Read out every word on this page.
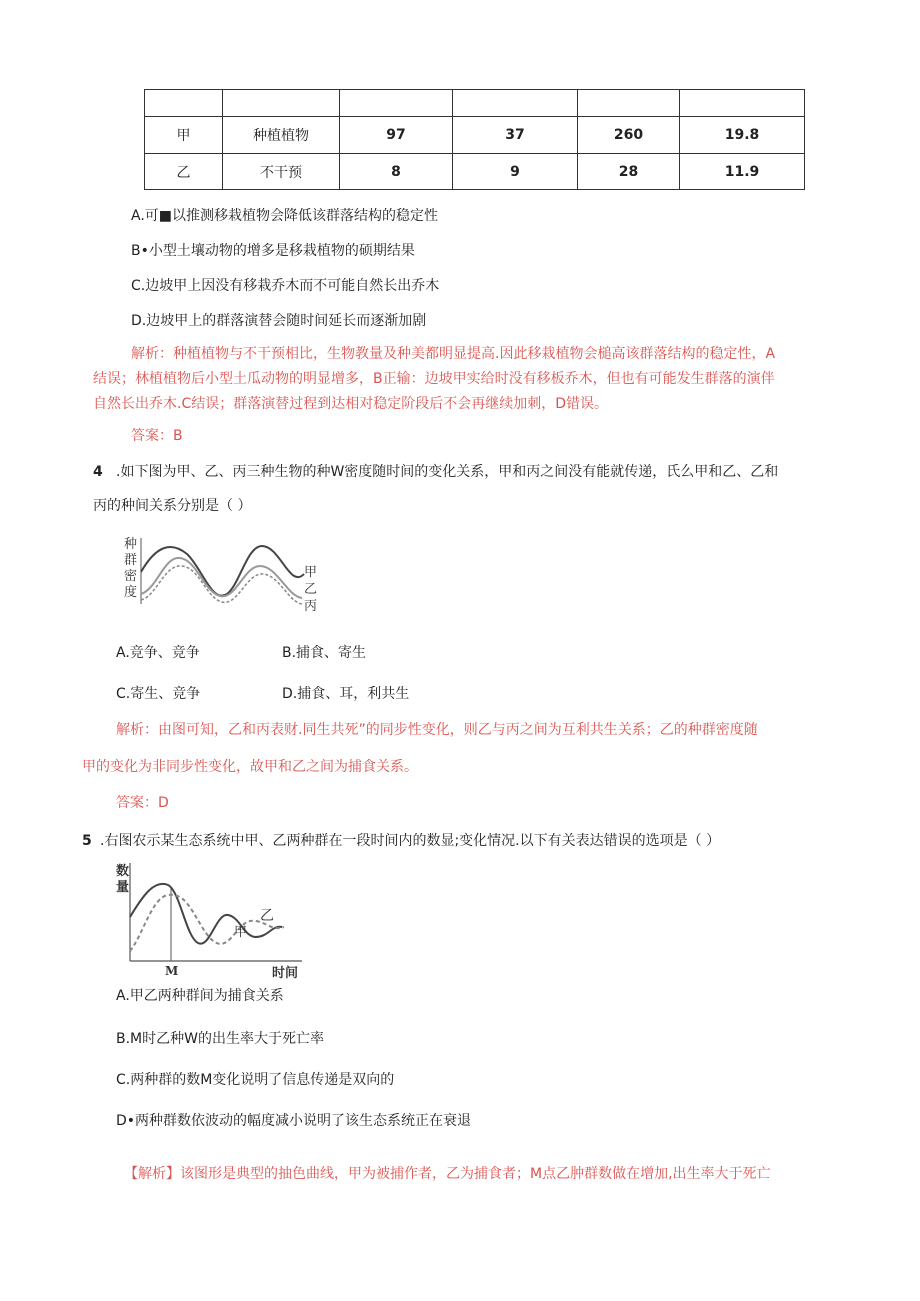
甲	种植植物	97	37	260	19.8
乙	不干预	8	9	28	11.9
A.可■以推测移栽植物会降低该群落结构的稳定性
B•小型土壤动物的增多是移栽植物的硕期结果
C.边坡甲上因没有移栽乔木而不可能自然长出乔木
D.边坡甲上的群落演替会随时间延长而逐渐加剧
解析：种植植物与不干预相比，生物教量及种美都明显提高.因此移栽植物会槌高该群落结构的稳定性，A
结误；林植植物后小型土瓜动物的明显增多，B正输：边坡甲实给时没有移板乔木，但也有可能发生群落的演伴
自然长出乔木.C结误；群落演替过程到达相对稳定阶段后不会再继续加刺，D错误。
答案：B
4 .如下图为甲、乙、丙三种生物的种W密度随时间的变化关系，甲和丙之间没有能就传递，氏么甲和乙、乙和
丙的种间关系分别是（ ）
种
群
密
度
甲
乙
丙
A.竞争、竞争	B.捕食、寄生
C.寄生、竞争	D.捕食、耳，利共生
解析：由图可知，乙和丙表财.同生共死”的同步性变化，则乙与丙之间为互利共生关系；乙的种群密度随
甲的变化为非同步性变化，故甲和乙之间为捕食关系。
答案：D
5 .右图农示某生态系统中甲、乙两种群在一段时间内的数显;变化情况.以下有关表达错误的选项是（ ）
数
量
M	时间
乙
甲
A.甲乙两种群间为捕食关系
B.M时乙种W的出生率大于死亡率
C.两种群的数M变化说明了信息传递是双向的
D•两种群数依波动的幅度减小说明了该生态系统正在衰退
【解析】该图形是典型的抽色曲线，甲为被捕作者，乙为捕食者；M点乙肿群数做在增加,出生率大于死亡
